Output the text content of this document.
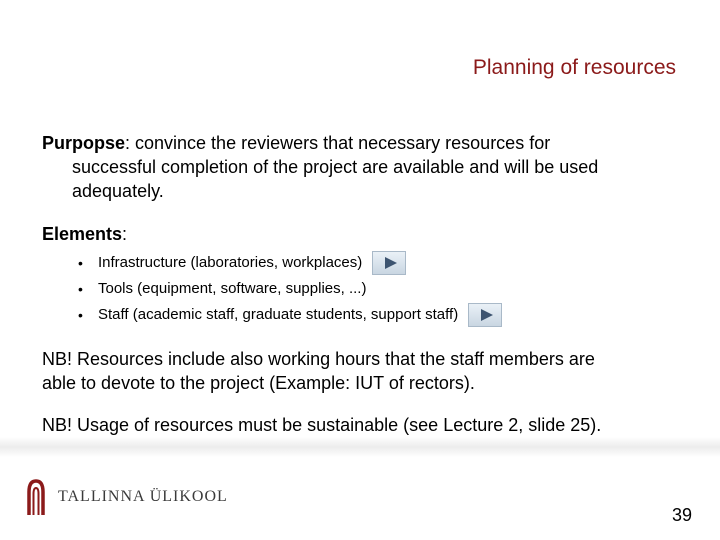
Planning of resources
Purpopse: convince the reviewers that necessary resources for
successful completion of the project are available and will be used
adequately.
Elements:
•	Infrastructure (laboratories, workplaces)
•	Tools (equipment, software, supplies, ...)
•	Staff (academic staff, graduate students, support staff)
NB! Resources include also working hours that the staff members are
able to devote to the project (Example: IUT of rectors).
NB! Usage of resources must be sustainable (see Lecture 2, slide 25).
TALLINNA ÜLIKOOL
39
